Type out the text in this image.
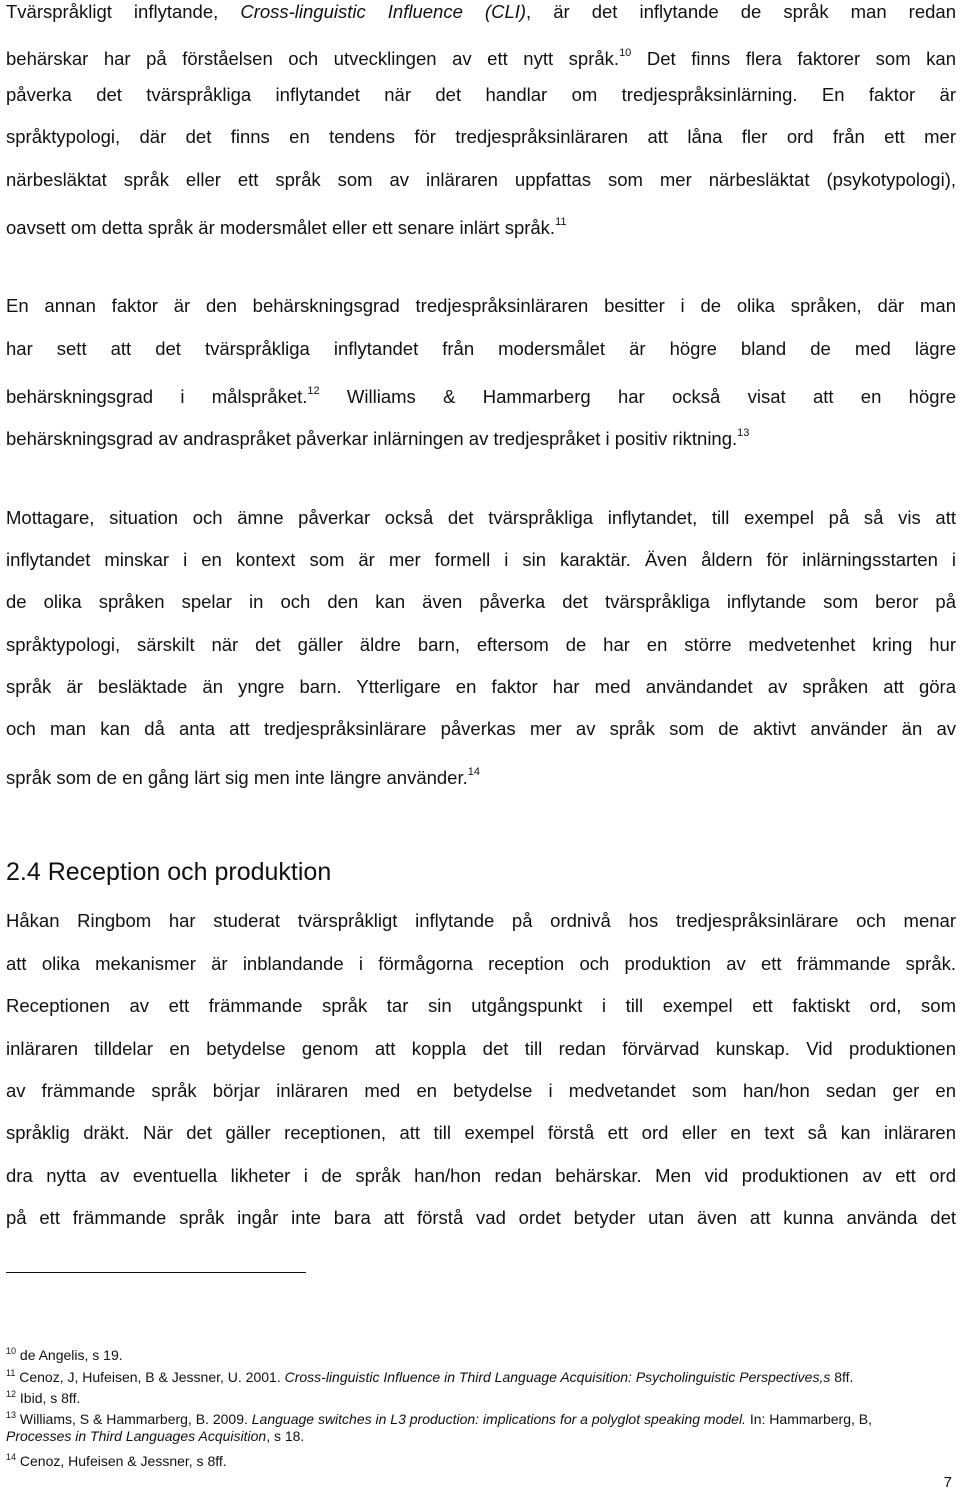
Tvärspråkligt inflytande, Cross-linguistic Influence (CLI), är det inflytande de språk man redan
behärskar har på förståelsen och utvecklingen av ett nytt språk.$^{10}$ Det finns flera faktorer som kan
påverka det tvärspråkliga inflytandet när det handlar om tredjespråksinlärning. En faktor är
språktypologi, där det finns en tendens för tredjespråksinläraren att låna fler ord från ett mer
närbesläktat språk eller ett språk som av inläraren uppfattas som mer närbesläktat (psykotypologi),
oavsett om detta språk är modersmålet eller ett senare inlärt språk.$^{11}$
En annan faktor är den behärskningsgrad tredjespråksinläraren besitter i de olika språken, där man
har sett att det tvärspråkliga inflytandet från modersmålet är högre bland de med lägre
behärskningsgrad i målspråket.$^{12}$ Williams & Hammarberg har också visat att en högre
behärskningsgrad av andraspråket påverkar inlärningen av tredjespråket i positiv riktning.$^{13}$
Mottagare, situation och ämne påverkar också det tvärspråkliga inflytandet, till exempel på så vis att
inflytandet minskar i en kontext som är mer formell i sin karaktär. Även åldern för inlärningsstarten i
de olika språken spelar in och den kan även påverka det tvärspråkliga inflytande som beror på
språktypologi, särskilt när det gäller äldre barn, eftersom de har en större medvetenhet kring hur
språk är besläktade än yngre barn. Ytterligare en faktor har med användandet av språken att göra
och man kan då anta att tredjespråksinlärare påverkas mer av språk som de aktivt använder än av
språk som de en gång lärt sig men inte längre använder.$^{14}$
2.4 Reception och produktion
Håkan Ringbom har studerat tvärspråkligt inflytande på ordnivå hos tredjespråksinlärare och menar
att olika mekanismer är inblandande i förmågorna reception och produktion av ett främmande språk.
Receptionen av ett främmande språk tar sin utgångspunkt i till exempel ett faktiskt ord, som
inläraren tilldelar en betydelse genom att koppla det till redan förvärvad kunskap. Vid produktionen
av främmande språk börjar inläraren med en betydelse i medvetandet som han/hon sedan ger en
språklig dräkt. När det gäller receptionen, att till exempel förstå ett ord eller en text så kan inläraren
dra nytta av eventuella likheter i de språk han/hon redan behärskar. Men vid produktionen av ett ord
på ett främmande språk ingår inte bara att förstå vad ordet betyder utan även att kunna använda det
$^{10}$ de Angelis, s 19.
$^{11}$ Cenoz, J, Hufeisen, B & Jessner, U. 2001. Cross-linguistic Influence in Third Language Acquisition: Psycholinguistic Perspectives,s 8ff.
$^{12}$ Ibid, s 8ff.
$^{13}$ Williams, S & Hammarberg, B. 2009. Language switches in L3 production: implications for a polyglot speaking model. In: Hammarberg, B,
Processes in Third Languages Acquisition, s 18.
$^{14}$ Cenoz, Hufeisen & Jessner, s 8ff.
7
